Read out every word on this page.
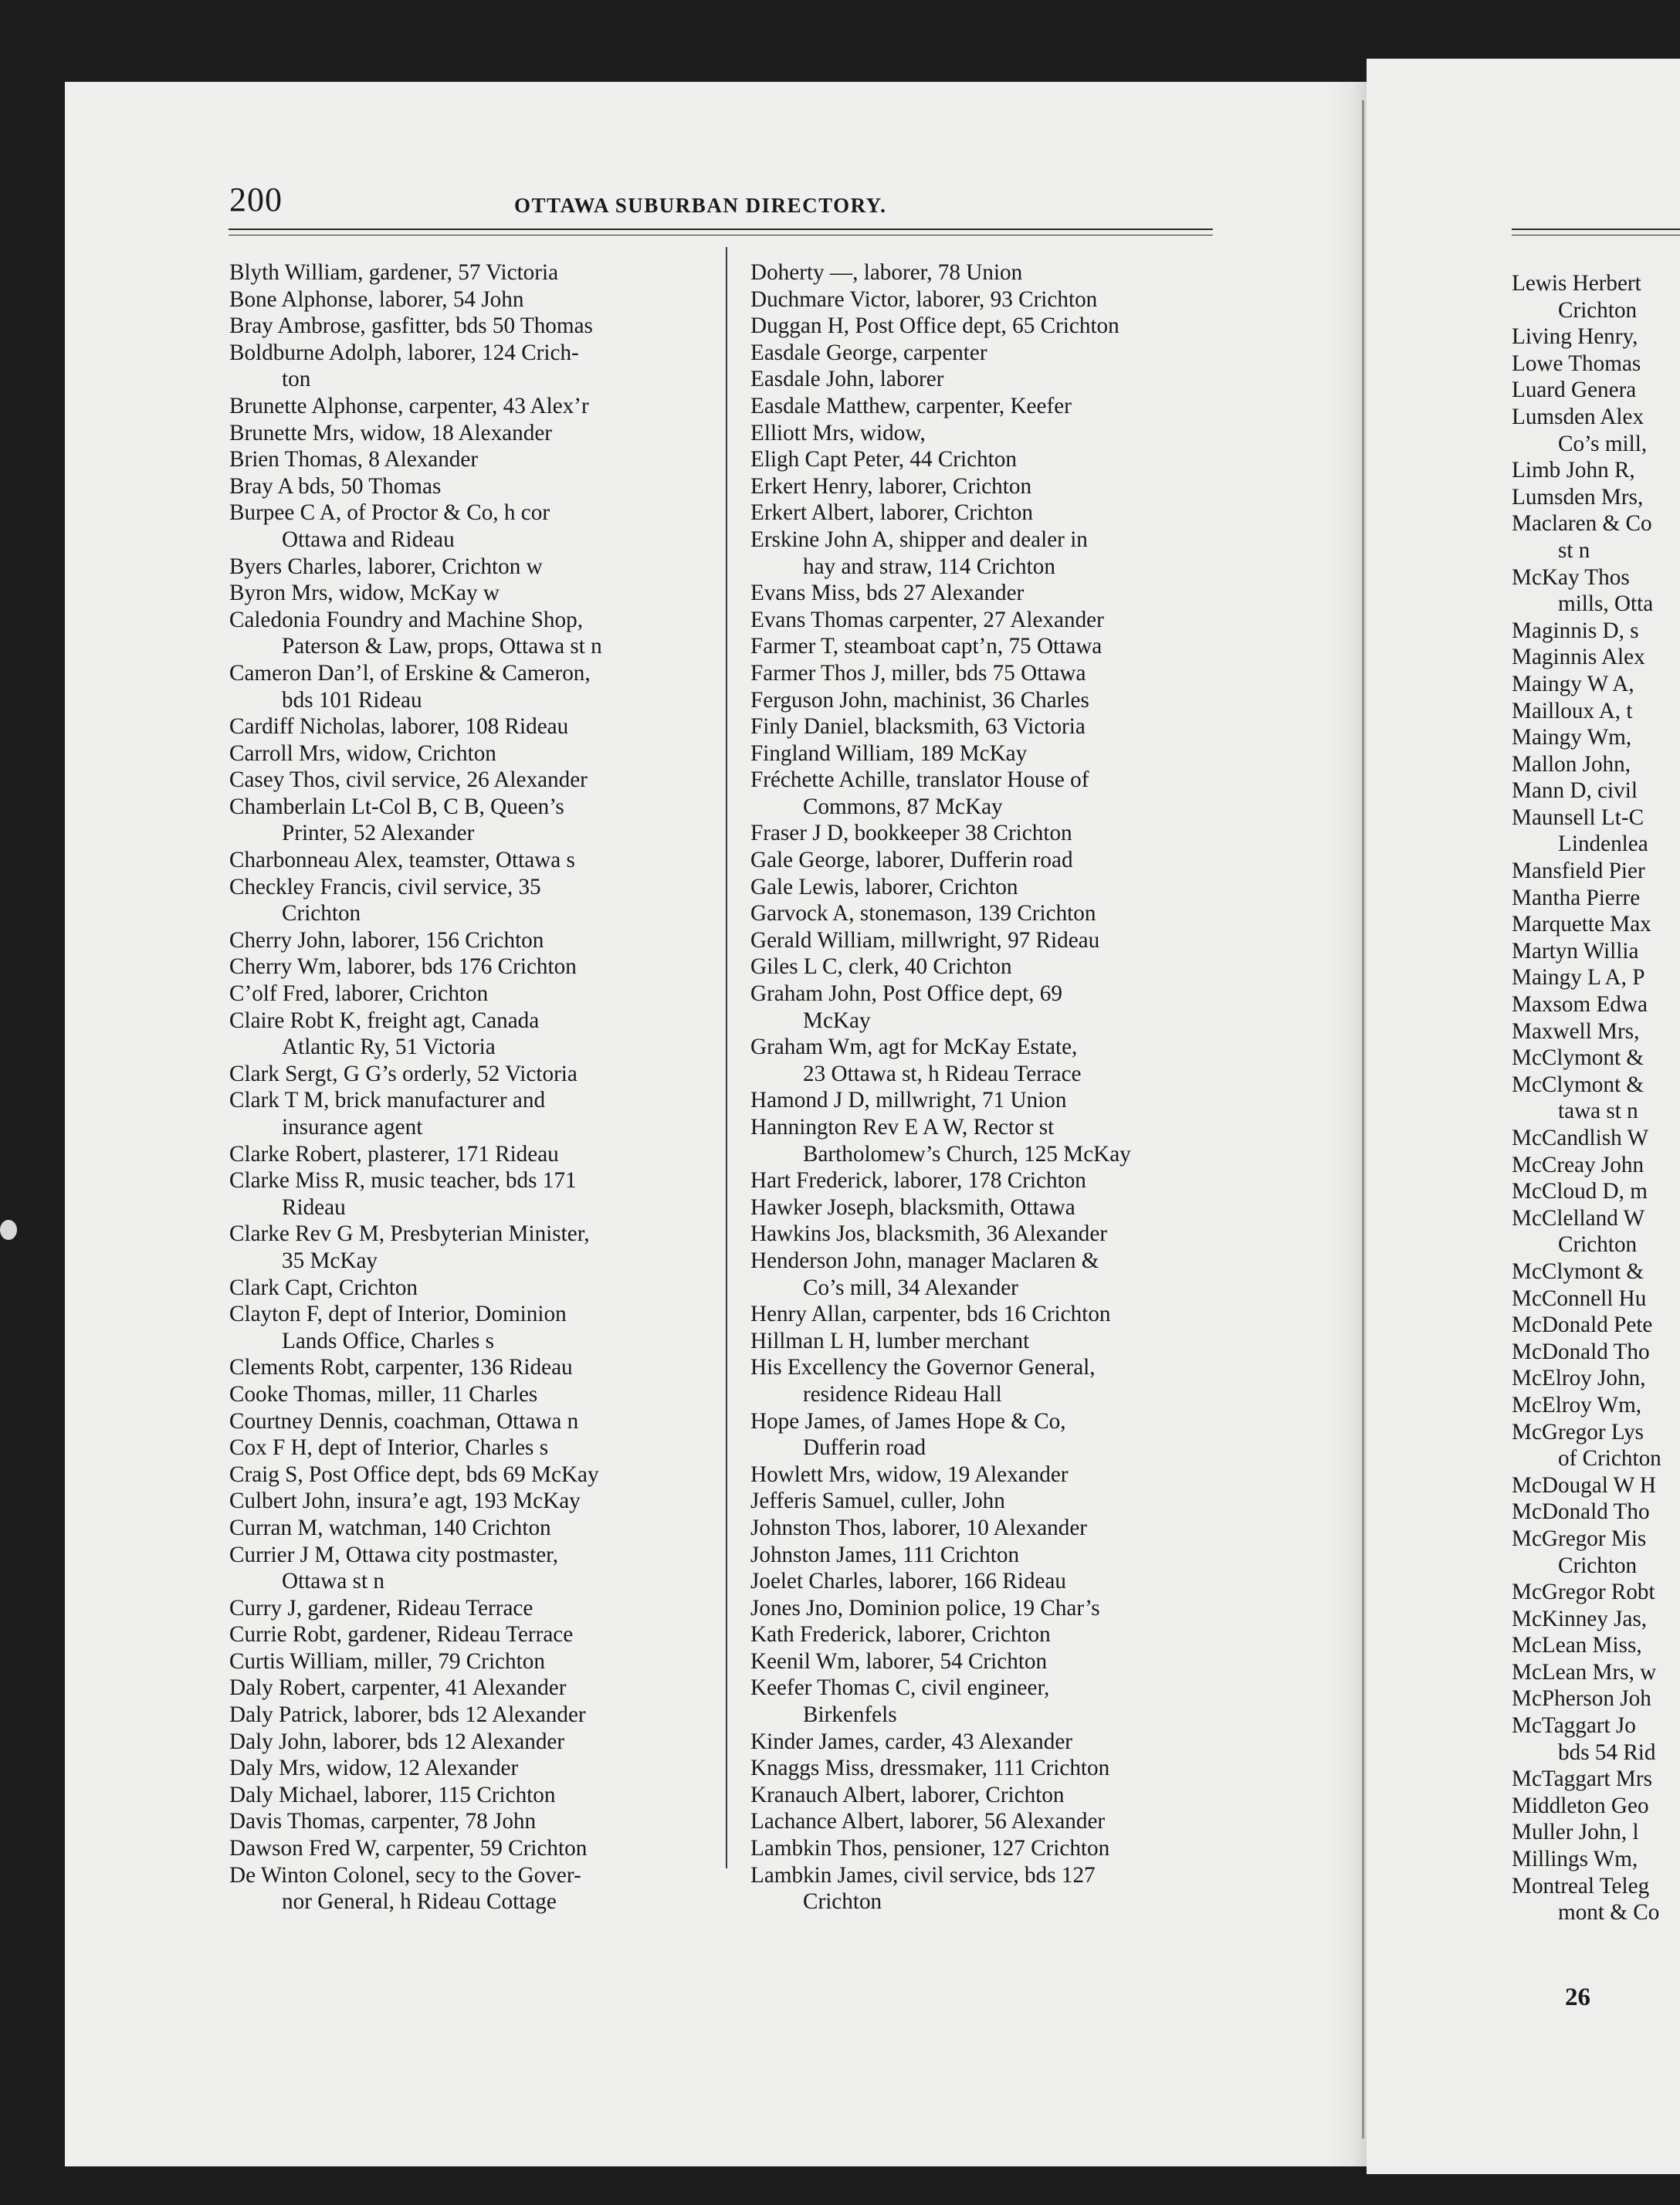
200	OTTAWA SUBURBAN DIRECTORY.
Blyth William, gardener, 57 Victoria
Bone Alphonse, laborer, 54 John
Bray Ambrose, gasfitter, bds 50 Thomas
Boldburne Adolph, laborer, 124 Crich-
ton
Brunette Alphonse, carpenter, 43 Alex’r
Brunette Mrs, widow, 18 Alexander
Brien Thomas, 8 Alexander
Bray A bds, 50 Thomas
Burpee C A, of Proctor & Co, h cor
Ottawa and Rideau
Byers Charles, laborer, Crichton w
Byron Mrs, widow, McKay w
Caledonia Foundry and Machine Shop,
Paterson & Law, props, Ottawa st n
Cameron Dan’l, of Erskine & Cameron,
bds 101 Rideau
Cardiff Nicholas, laborer, 108 Rideau
Carroll Mrs, widow, Crichton
Casey Thos, civil service, 26 Alexander
Chamberlain Lt-Col B, C B, Queen’s
Printer, 52 Alexander
Charbonneau Alex, teamster, Ottawa s
Checkley Francis, civil service, 35
Crichton
Cherry John, laborer, 156 Crichton
Cherry Wm, laborer, bds 176 Crichton
C’olf Fred, laborer, Crichton
Claire Robt K, freight agt, Canada
Atlantic Ry, 51 Victoria
Clark Sergt, G G’s orderly, 52 Victoria
Clark T M, brick manufacturer and
insurance agent
Clarke Robert, plasterer, 171 Rideau
Clarke Miss R, music teacher, bds 171
Rideau
Clarke Rev G M, Presbyterian Minister,
35 McKay
Clark Capt, Crichton
Clayton F, dept of Interior, Dominion
Lands Office, Charles s
Clements Robt, carpenter, 136 Rideau
Cooke Thomas, miller, 11 Charles
Courtney Dennis, coachman, Ottawa n
Cox F H, dept of Interior, Charles s
Craig S, Post Office dept, bds 69 McKay
Culbert John, insura’e agt, 193 McKay
Curran M, watchman, 140 Crichton
Currier J M, Ottawa city postmaster,
Ottawa st n
Curry J, gardener, Rideau Terrace
Currie Robt, gardener, Rideau Terrace
Curtis William, miller, 79 Crichton
Daly Robert, carpenter, 41 Alexander
Daly Patrick, laborer, bds 12 Alexander
Daly John, laborer, bds 12 Alexander
Daly Mrs, widow, 12 Alexander
Daly Michael, laborer, 115 Crichton
Davis Thomas, carpenter, 78 John
Dawson Fred W, carpenter, 59 Crichton
De Winton Colonel, secy to the Gover-
nor General, h Rideau Cottage
Doherty —, laborer, 78 Union
Duchmare Victor, laborer, 93 Crichton
Duggan H, Post Office dept, 65 Crichton
Easdale George, carpenter
Easdale John, laborer
Easdale Matthew, carpenter, Keefer
Elliott Mrs, widow,
Eligh Capt Peter, 44 Crichton
Erkert Henry, laborer, Crichton
Erkert Albert, laborer, Crichton
Erskine John A, shipper and dealer in
hay and straw, 114 Crichton
Evans Miss, bds 27 Alexander
Evans Thomas carpenter, 27 Alexander
Farmer T, steamboat capt’n, 75 Ottawa
Farmer Thos J, miller, bds 75 Ottawa
Ferguson John, machinist, 36 Charles
Finly Daniel, blacksmith, 63 Victoria
Fingland William, 189 McKay
Fréchette Achille, translator House of
Commons, 87 McKay
Fraser J D, bookkeeper 38 Crichton
Gale George, laborer, Dufferin road
Gale Lewis, laborer, Crichton
Garvock A, stonemason, 139 Crichton
Gerald William, millwright, 97 Rideau
Giles L C, clerk, 40 Crichton
Graham John, Post Office dept, 69
McKay
Graham Wm, agt for McKay Estate,
23 Ottawa st, h Rideau Terrace
Hamond J D, millwright, 71 Union
Hannington Rev E A W, Rector st
Bartholomew’s Church, 125 McKay
Hart Frederick, laborer, 178 Crichton
Hawker Joseph, blacksmith, Ottawa
Hawkins Jos, blacksmith, 36 Alexander
Henderson John, manager Maclaren &
Co’s mill, 34 Alexander
Henry Allan, carpenter, bds 16 Crichton
Hillman L H, lumber merchant
His Excellency the Governor General,
residence Rideau Hall
Hope James, of James Hope & Co,
Dufferin road
Howlett Mrs, widow, 19 Alexander
Jefferis Samuel, culler, John
Johnston Thos, laborer, 10 Alexander
Johnston James, 111 Crichton
Joelet Charles, laborer, 166 Rideau
Jones Jno, Dominion police, 19 Char’s
Kath Frederick, laborer, Crichton
Keenil Wm, laborer, 54 Crichton
Keefer Thomas C, civil engineer,
Birkenfels
Kinder James, carder, 43 Alexander
Knaggs Miss, dressmaker, 111 Crichton
Kranauch Albert, laborer, Crichton
Lachance Albert, laborer, 56 Alexander
Lambkin Thos, pensioner, 127 Crichton
Lambkin James, civil service, bds 127
Crichton
Lewis Herbert
Crichton
Living Henry,
Lowe Thomas
Luard Genera
Lumsden Alex
Co’s mill,
Limb John R,
Lumsden Mrs,
Maclaren & Co
st n
McKay Thos
mills, Otta
Maginnis D, s
Maginnis Alex
Maingy W A,
Mailloux A, t
Maingy Wm,
Mallon John,
Mann D, civil
Maunsell Lt-C
Lindenlea
Mansfield Pier
Mantha Pierre
Marquette Max
Martyn Willia
Maingy L A, P
Maxsom Edwa
Maxwell Mrs,
McClymont &
McClymont &
tawa st n
McCandlish W
McCreay John
McCloud D, m
McClelland W
Crichton
McClymont &
McConnell Hu
McDonald Pete
McDonald Tho
McElroy John,
McElroy Wm,
McGregor Lys
of Crichton
McDougal W H
McDonald Tho
McGregor Mis
Crichton
McGregor Robt
McKinney Jas,
McLean Miss,
McLean Mrs, w
McPherson Joh
McTaggart Jo
bds 54 Rid
McTaggart Mrs
Middleton Geo
Muller John, l
Millings Wm,
Montreal Teleg
mont & Co
26
